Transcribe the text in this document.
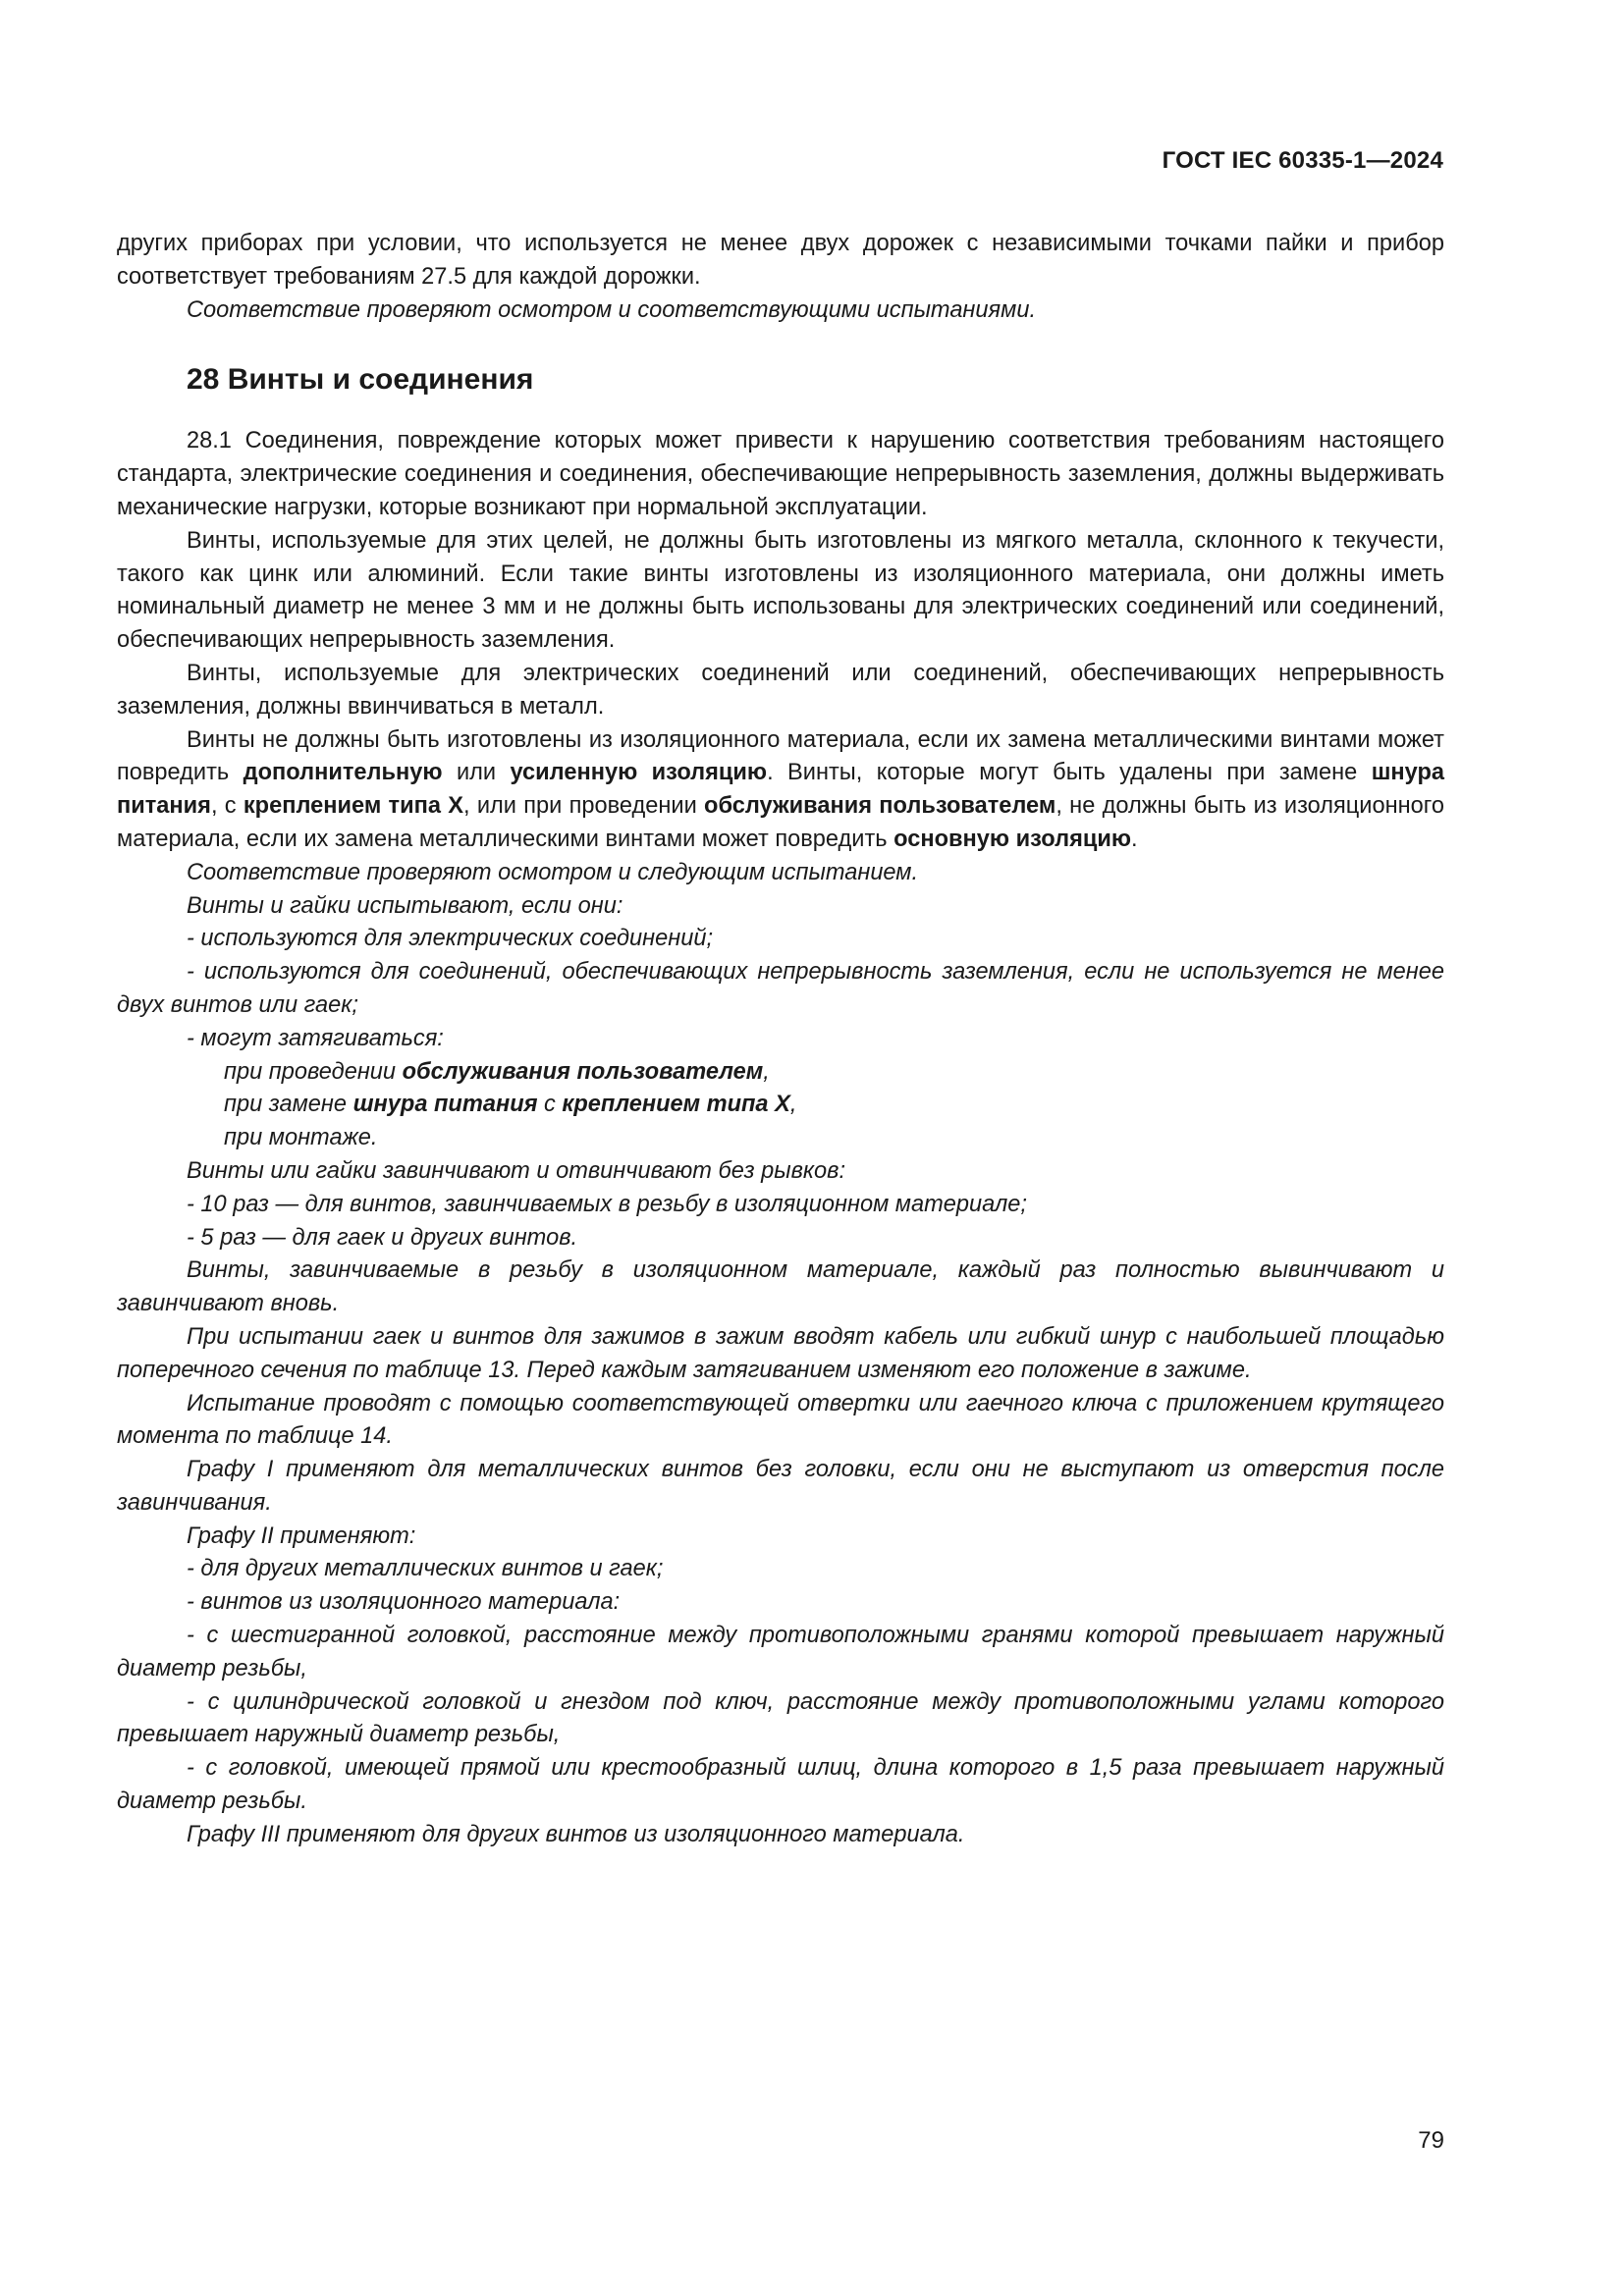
ГОСТ IEC 60335-1—2024

других приборах при условии, что используется не менее двух дорожек с независимыми точками пайки и прибор соответствует требованиям 27.5 для каждой дорожки.

Соответствие проверяют осмотром и соответствующими испытаниями.

28 Винты и соединения

28.1 Соединения, повреждение которых может привести к нарушению соответствия требованиям настоящего стандарта, электрические соединения и соединения, обеспечивающие непрерывность заземления, должны выдерживать механические нагрузки, которые возникают при нормальной эксплуатации.

Винты, используемые для этих целей, не должны быть изготовлены из мягкого металла, склонного к текучести, такого как цинк или алюминий. Если такие винты изготовлены из изоляционного материала, они должны иметь номинальный диаметр не менее 3 мм и не должны быть использованы для электрических соединений или соединений, обеспечивающих непрерывность заземления.

Винты, используемые для электрических соединений или соединений, обеспечивающих непрерывность заземления, должны ввинчиваться в металл.

Винты не должны быть изготовлены из изоляционного материала, если их замена металлическими винтами может повредить дополнительную или усиленную изоляцию. Винты, которые могут быть удалены при замене шнура питания, с креплением типа X, или при проведении обслуживания пользователем, не должны быть из изоляционного материала, если их замена металлическими винтами может повредить основную изоляцию.

Соответствие проверяют осмотром и следующим испытанием.

Винты и гайки испытывают, если они:

- используются для электрических соединений;

- используются для соединений, обеспечивающих непрерывность заземления, если не используется не менее двух винтов или гаек;

- могут затягиваться:

при проведении обслуживания пользователем,

при замене шнура питания с креплением типа X,

при монтаже.

Винты или гайки завинчивают и отвинчивают без рывков:

- 10 раз — для винтов, завинчиваемых в резьбу в изоляционном материале;

- 5 раз — для гаек и других винтов.

Винты, завинчиваемые в резьбу в изоляционном материале, каждый раз полностью вывинчивают и завинчивают вновь.

При испытании гаек и винтов для зажимов в зажим вводят кабель или гибкий шнур с наибольшей площадью поперечного сечения по таблице 13. Перед каждым затягиванием изменяют его положение в зажиме.

Испытание проводят с помощью соответствующей отвертки или гаечного ключа с приложением крутящего момента по таблице 14.

Графу I применяют для металлических винтов без головки, если они не выступают из отверстия после завинчивания.

Графу II применяют:

- для других металлических винтов и гаек;

- винтов из изоляционного материала:

- с шестигранной головкой, расстояние между противоположными гранями которой превышает наружный диаметр резьбы,

- с цилиндрической головкой и гнездом под ключ, расстояние между противоположными углами которого превышает наружный диаметр резьбы,

- с головкой, имеющей прямой или крестообразный шлиц, длина которого в 1,5 раза превышает наружный диаметр резьбы.

Графу III применяют для других винтов из изоляционного материала.

79
